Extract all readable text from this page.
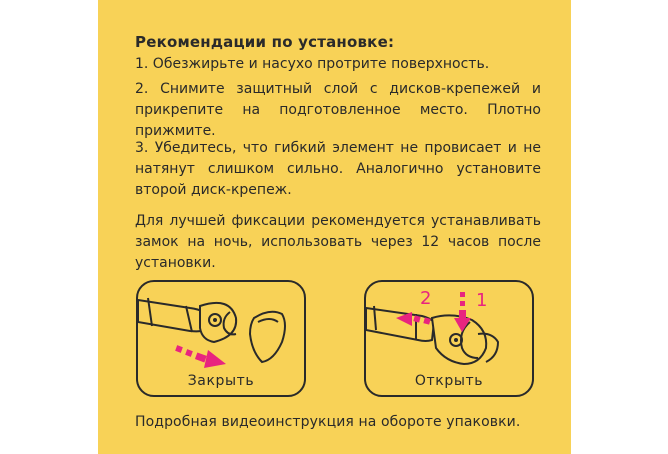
Рекомендации по установке:
1. Обезжирьте и насухо протрите поверхность.
2. Снимите защитный слой с дисков-крепежей и прикрепите на подготовленное место. Плотно прижмите.
3. Убедитесь, что гибкий элемент не провисает и не натянут слишком сильно. Аналогично установите второй диск-крепеж.
Для лучшей фиксации рекомендуется устанавливать замок на ночь, использовать через 12 часов после установки.
Закрыть
2 1
Открыть
Подробная видеоинструкция на обороте упаковки.
